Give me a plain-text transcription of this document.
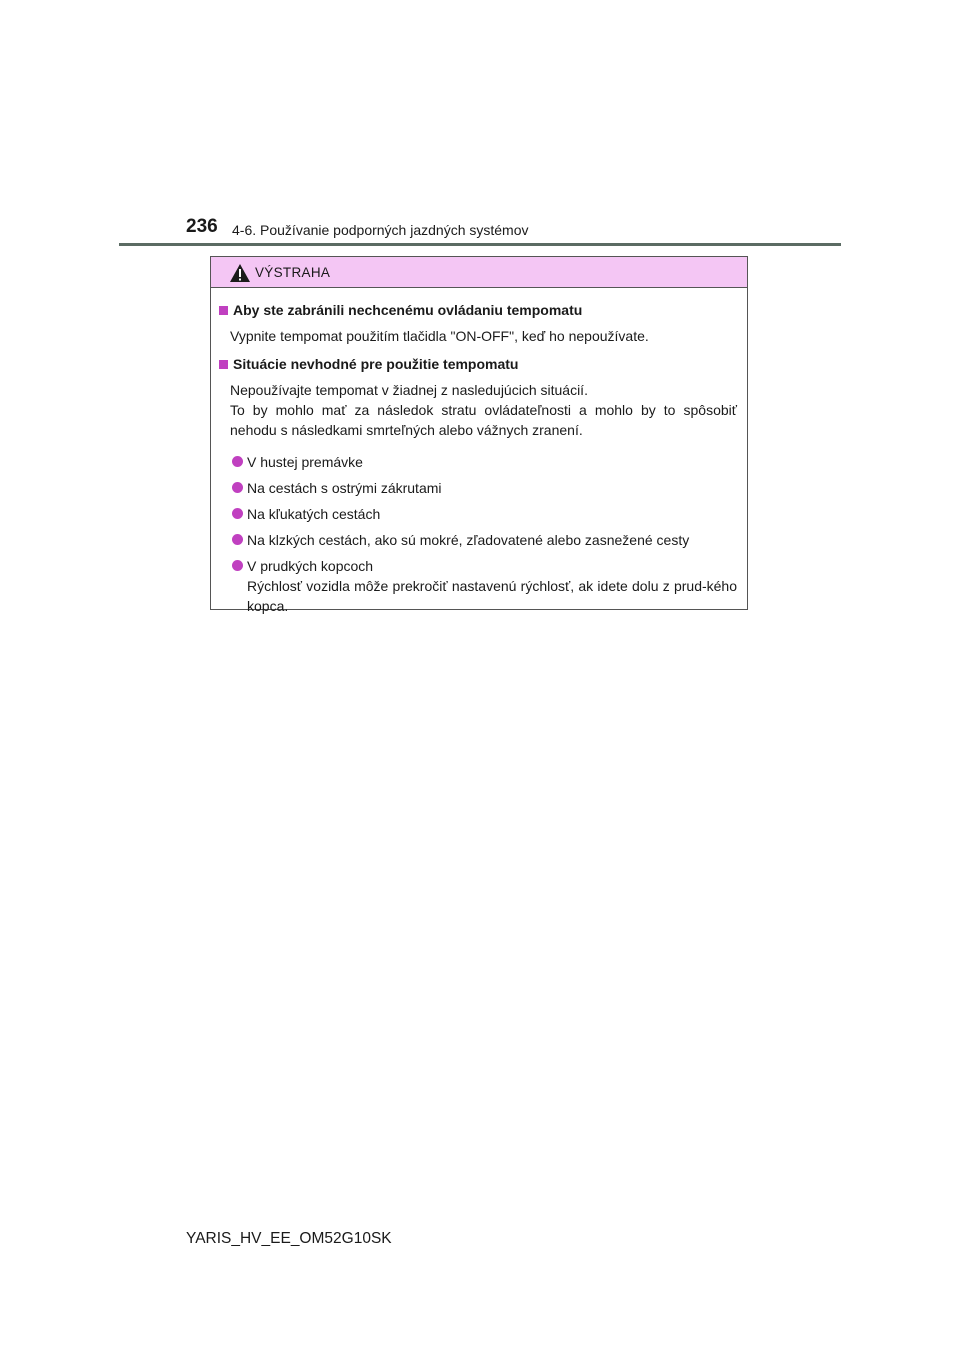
236 4-6. Používanie podporných jazdných systémov
VÝSTRAHA
Aby ste zabránili nechcenému ovládaniu tempomatu
Vypnite tempomat použitím tlačidla "ON-OFF", keď ho nepoužívate.
Situácie nevhodné pre použitie tempomatu
Nepoužívajte tempomat v žiadnej z nasledujúcich situácií.
To by mohlo mať za následok stratu ovládateľnosti a mohlo by to spôsobiť nehodu s následkami smrteľných alebo vážnych zranení.
V hustej premávke
Na cestách s ostrými zákrutami
Na kľukatých cestách
Na klzkých cestách, ako sú mokré, zľadovatené alebo zasnežené cesty
V prudkých kopcoch
Rýchlosť vozidla môže prekročiť nastavenú rýchlosť, ak idete dolu z prud-kého kopca.
YARIS_HV_EE_OM52G10SK
